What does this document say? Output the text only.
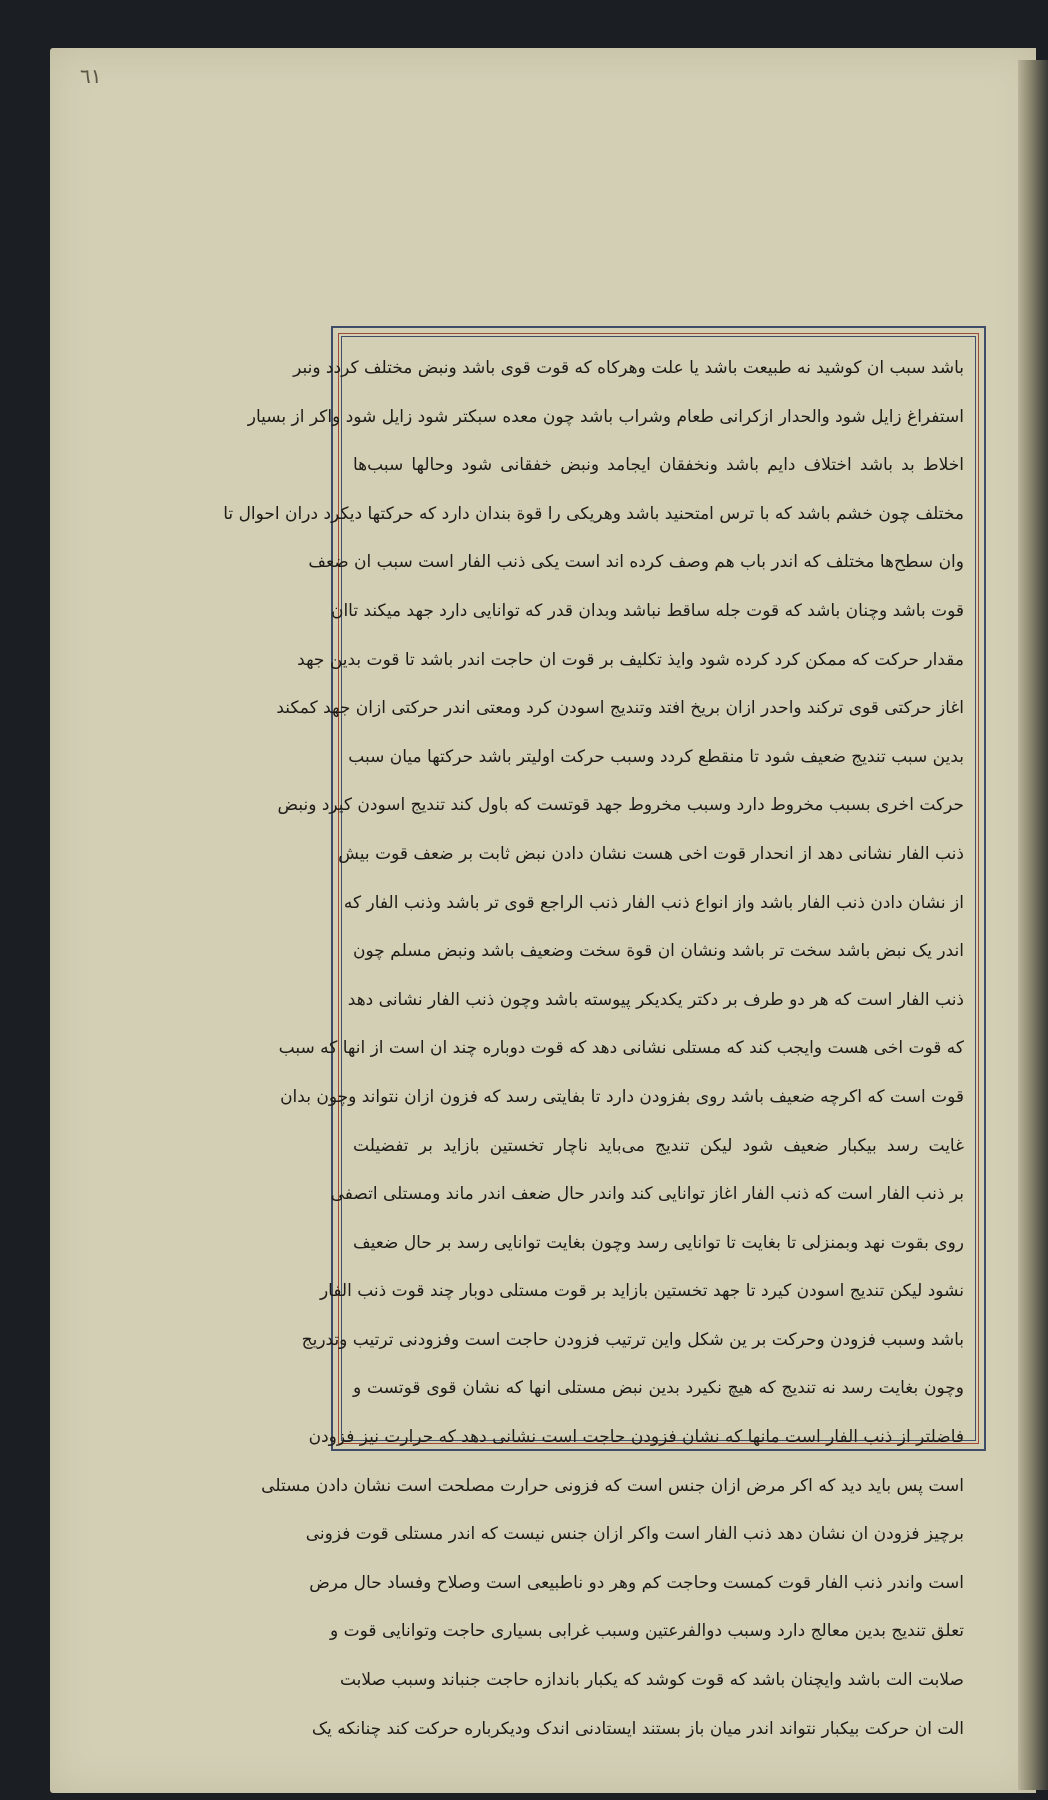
٦١
باشد سبب ان کوشید نه طبیعت باشد یا علت وهرکاه که قوت قوی باشد ونبض مختلف کردد ونبر
استفراغ زایل شود والحدار ازکرانی طعام وشراب باشد چون معده سبکتر شود زایل شود واکر از بسیار
اخلاط بد باشد اختلاف دایم باشد ونخفقان ایجامد ونبض خفقانی شود وحالها سبب‌ها
مختلف چون خشم باشد که با ترس امتحنید باشد وهریکی را قوة بندان دارد که حرکتها دیکرد دران احوال تا
وان سطح‌ها مختلف که اندر باب هم وصف کرده اند است یکی ذنب الفار است سبب ان ضعف
قوت باشد وچنان باشد که قوت جله ساقط نباشد وبدان قدر که توانایی دارد جهد میکند تاان
مقدار حرکت که ممکن کرد کرده شود وایذ تکلیف بر قوت ان حاجت اندر باشد تا قوت بدین جهد
اغاز حرکتی قوی ترکند واحدر ازان بریخ افتد وتندیج اسودن کرد ومعتی اندر حرکتی ازان جهد کمکند
بدین سبب تندیج ضعیف شود تا منقطع کردد وسبب حرکت اولیتر باشد حرکتها میان سبب
حرکت اخری بسبب مخروط دارد وسبب مخروط جهد قوتست که باول کند تندیج اسودن کیرد ونبض
ذنب الفار نشانی دهد از انحدار قوت اخی هست نشان دادن نبض ثابت بر ضعف قوت بیش
از نشان دادن ذنب الفار باشد واز انواع ذنب الفار ذنب الراجع قوی تر باشد وذنب الفار که
اندر یک نبض باشد سخت تر باشد ونشان ان قوة سخت وضعیف باشد ونبض مسلم چون
ذنب الفار است که هر دو طرف بر دکتر یکدیکر پیوسته باشد وچون ذنب الفار نشانی دهد
که قوت اخی هست وایجب کند که مستلی نشانی دهد که قوت دوباره چند ان است از انها که سبب
قوت است که اکرچه ضعیف باشد روی بفزودن دارد تا بفایتی رسد که فزون ازان نتواند وچون بدان
غایت رسد بیکبار ضعیف شود لیکن تندیج می‌باید ناچار تخستین بازاید بر تفضیلت
بر ذنب الفار است که ذنب الفار اغاز توانایی کند واندر حال ضعف اندر ماند ومستلی اتصفی
روی بقوت نهد وبمنزلی تا بغایت تا توانایی رسد وچون بغایت توانایی رسد بر حال ضعیف
نشود لیکن تندیج اسودن کیرد تا جهد تخستین بازاید بر قوت مستلی دوبار چند قوت ذنب الفار
باشد وسبب فزودن وحرکت بر ین شکل واین ترتیب فزودن حاجت است وفزودنی ترتیب وتدریج
وچون بغایت رسد نه تندیج که هیچ نکیرد بدین نبض مستلی انها که نشان قوی قوتست و
فاضلتر از ذنب الفار است مانها که نشان فزودن حاجت است نشانی دهد که حرارت نیز فزودن
است پس باید دید که اکر مرض ازان جنس است که فزونی حرارت مصلحت است نشان دادن مستلی
برچیز فزودن ان نشان دهد ذنب الفار است واکر ازان جنس نیست که اندر مستلی قوت فزونی
است واندر ذنب الفار قوت کمست وحاجت کم وهر دو ناطبیعی است وصلاح وفساد حال مرض
تعلق تندیج بدین معالج دارد وسبب دوالفرعتین وسبب غرابی بسیاری حاجت وتوانایی قوت و
صلابت الت باشد وایچنان باشد که قوت کوشد که یکبار باندازه حاجت جنباند وسبب صلابت
الت ان حرکت بیکبار نتواند اندر میان باز بستند ایستادنی اندک ودیکرباره حرکت کند چنانکه یک
